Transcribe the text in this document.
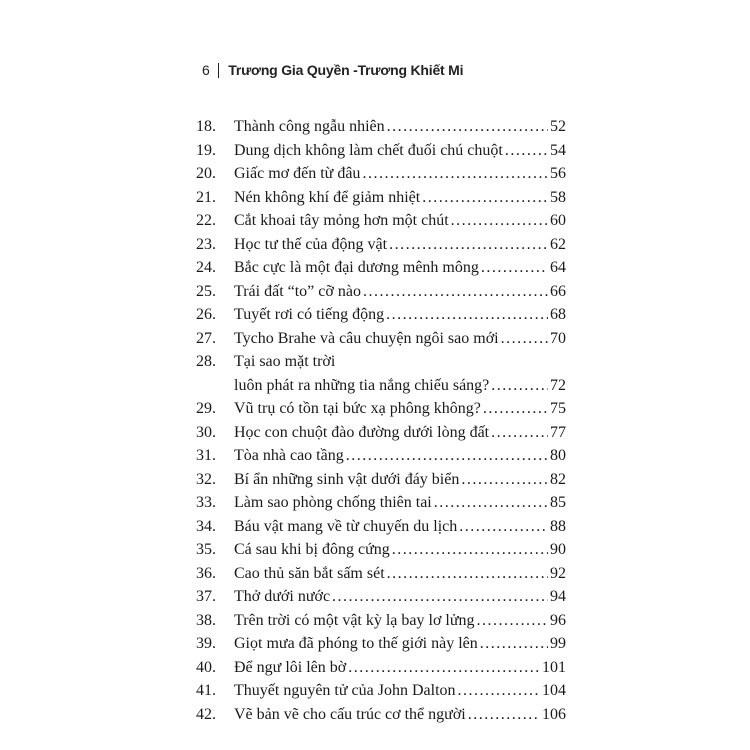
6 Trương Gia Quyền -Trương Khiết Mi
18. Thành công ngẫu nhiên .....	52
19. Dung dịch không làm chết đuối chú chuột .....	54
20. Giấc mơ đến từ đâu .....	56
21. Nén không khí để giảm nhiệt .....	58
22. Cắt khoai tây mỏng hơn một chút .....	60
23. Học tư thế của động vật .....	62
24. Bắc cực là một đại dương mênh mông .....	64
25. Trái đất “to” cỡ nào .....	66
26. Tuyết rơi có tiếng động .....	68
27. Tycho Brahe và câu chuyện ngôi sao mới .....	70
28. Tại sao mặt trời
luôn phát ra những tia nắng chiếu sáng? .....	72
29. Vũ trụ có tồn tại bức xạ phông không? .....	75
30. Học con chuột đào đường dưới lòng đất .....	77
31. Tòa nhà cao tầng .....	80
32. Bí ẩn những sinh vật dưới đáy biển .....	82
33. Làm sao phòng chống thiên tai .....	85
34. Báu vật mang về từ chuyến du lịch .....	88
35. Cá sau khi bị đông cứng .....	90
36. Cao thủ săn bắt sấm sét .....	92
37. Thở dưới nước .....	94
38. Trên trời có một vật kỳ lạ bay lơ lửng .....	96
39. Giọt mưa đã phóng to thế giới này lên .....	99
40. Để ngư lôi lên bờ .....	101
41. Thuyết nguyên tử của John Dalton .....	104
42. Vẽ bản vẽ cho cấu trúc cơ thể người .....	106
